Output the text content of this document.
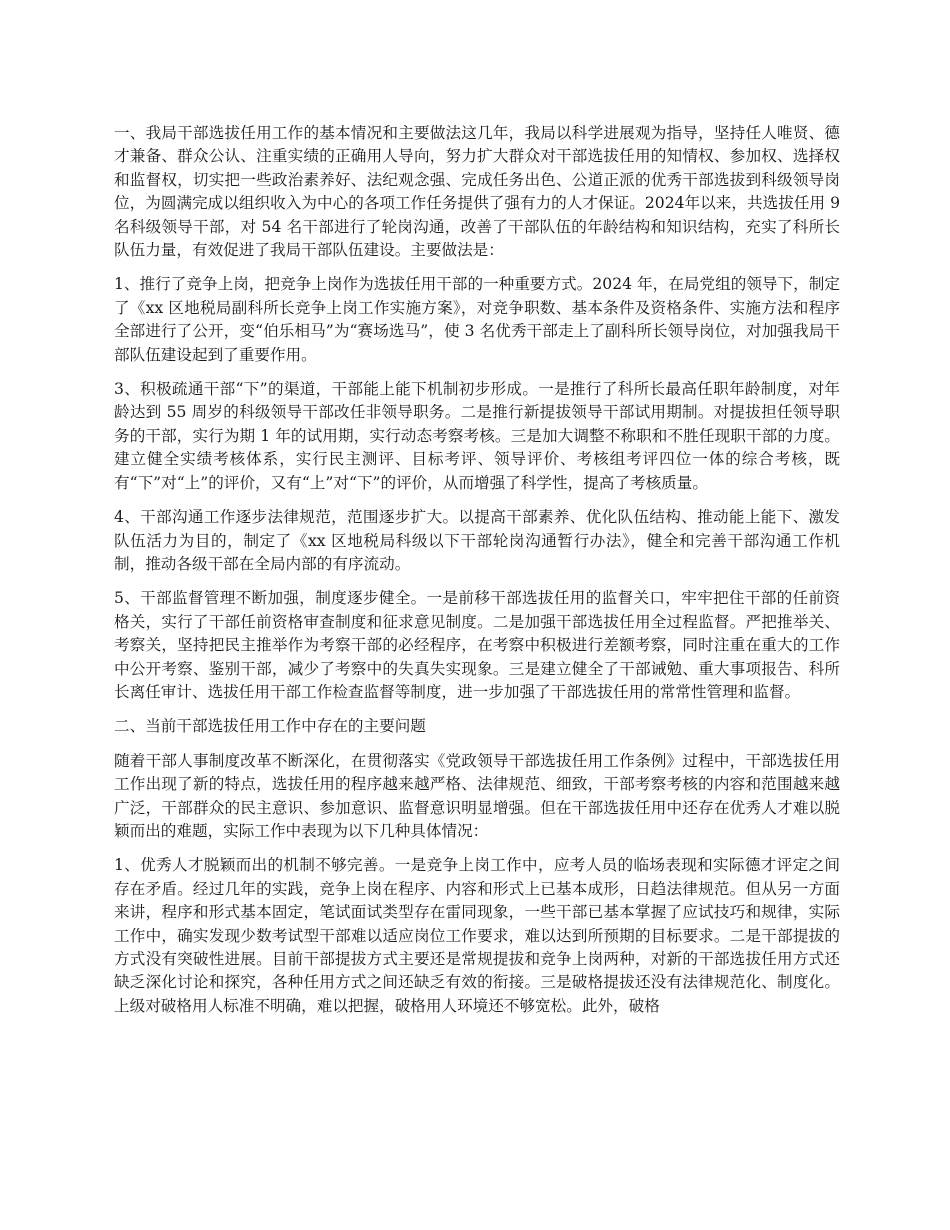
一、我局干部选拔任用工作的基本情况和主要做法这几年，我局以科学进展观为指导，坚持任人唯贤、德才兼备、群众公认、注重实绩的正确用人导向，努力扩大群众对干部选拔任用的知情权、参加权、选择权和监督权，切实把一些政治素养好、法纪观念强、完成任务出色、公道正派的优秀干部选拔到科级领导岗位，为圆满完成以组织收入为中心的各项工作任务提供了强有力的人才保证。2024年以来，共选拔任用 9 名科级领导干部，对 54 名干部进行了轮岗沟通，改善了干部队伍的年龄结构和知识结构，充实了科所长队伍力量，有效促进了我局干部队伍建设。主要做法是：

1、推行了竞争上岗，把竞争上岗作为选拔任用干部的一种重要方式。2024 年，在局党组的领导下，制定了《xx 区地税局副科所长竞争上岗工作实施方案》，对竞争职数、基本条件及资格条件、实施方法和程序全部进行了公开，变“伯乐相马”为“赛场选马”，使 3 名优秀干部走上了副科所长领导岗位，对加强我局干部队伍建设起到了重要作用。

3、积极疏通干部“下”的渠道，干部能上能下机制初步形成。一是推行了科所长最高任职年龄制度，对年龄达到 55 周岁的科级领导干部改任非领导职务。二是推行新提拔领导干部试用期制。对提拔担任领导职务的干部，实行为期 1 年的试用期，实行动态考察考核。三是加大调整不称职和不胜任现职干部的力度。建立健全实绩考核体系，实行民主测评、目标考评、领导评价、考核组考评四位一体的综合考核，既有“下”对“上”的评价，又有“上”对“下”的评价，从而增强了科学性，提高了考核质量。

4、干部沟通工作逐步法律规范，范围逐步扩大。以提高干部素养、优化队伍结构、推动能上能下、激发队伍活力为目的，制定了《xx 区地税局科级以下干部轮岗沟通暂行办法》，健全和完善干部沟通工作机制，推动各级干部在全局内部的有序流动。

5、干部监督管理不断加强，制度逐步健全。一是前移干部选拔任用的监督关口，牢牢把住干部的任前资格关，实行了干部任前资格审查制度和征求意见制度。二是加强干部选拔任用全过程监督。严把推举关、考察关，坚持把民主推举作为考察干部的必经程序，在考察中积极进行差额考察，同时注重在重大的工作中公开考察、鉴别干部，减少了考察中的失真失实现象。三是建立健全了干部诫勉、重大事项报告、科所长离任审计、选拔任用干部工作检查监督等制度，进一步加强了干部选拔任用的常常性管理和监督。

二、当前干部选拔任用工作中存在的主要问题

随着干部人事制度改革不断深化，在贯彻落实《党政领导干部选拔任用工作条例》过程中，干部选拔任用工作出现了新的特点，选拔任用的程序越来越严格、法律规范、细致，干部考察考核的内容和范围越来越广泛，干部群众的民主意识、参加意识、监督意识明显增强。但在干部选拔任用中还存在优秀人才难以脱颖而出的难题，实际工作中表现为以下几种具体情况：

1、优秀人才脱颖而出的机制不够完善。一是竞争上岗工作中，应考人员的临场表现和实际德才评定之间存在矛盾。经过几年的实践，竞争上岗在程序、内容和形式上已基本成形，日趋法律规范。但从另一方面来讲，程序和形式基本固定，笔试面试类型存在雷同现象，一些干部已基本掌握了应试技巧和规律，实际工作中，确实发现少数考试型干部难以适应岗位工作要求，难以达到所预期的目标要求。二是干部提拔的方式没有突破性进展。目前干部提拔方式主要还是常规提拔和竞争上岗两种，对新的干部选拔任用方式还缺乏深化讨论和探究，各种任用方式之间还缺乏有效的衔接。三是破格提拔还没有法律规范化、制度化。上级对破格用人标准不明确，难以把握，破格用人环境还不够宽松。此外，破格
